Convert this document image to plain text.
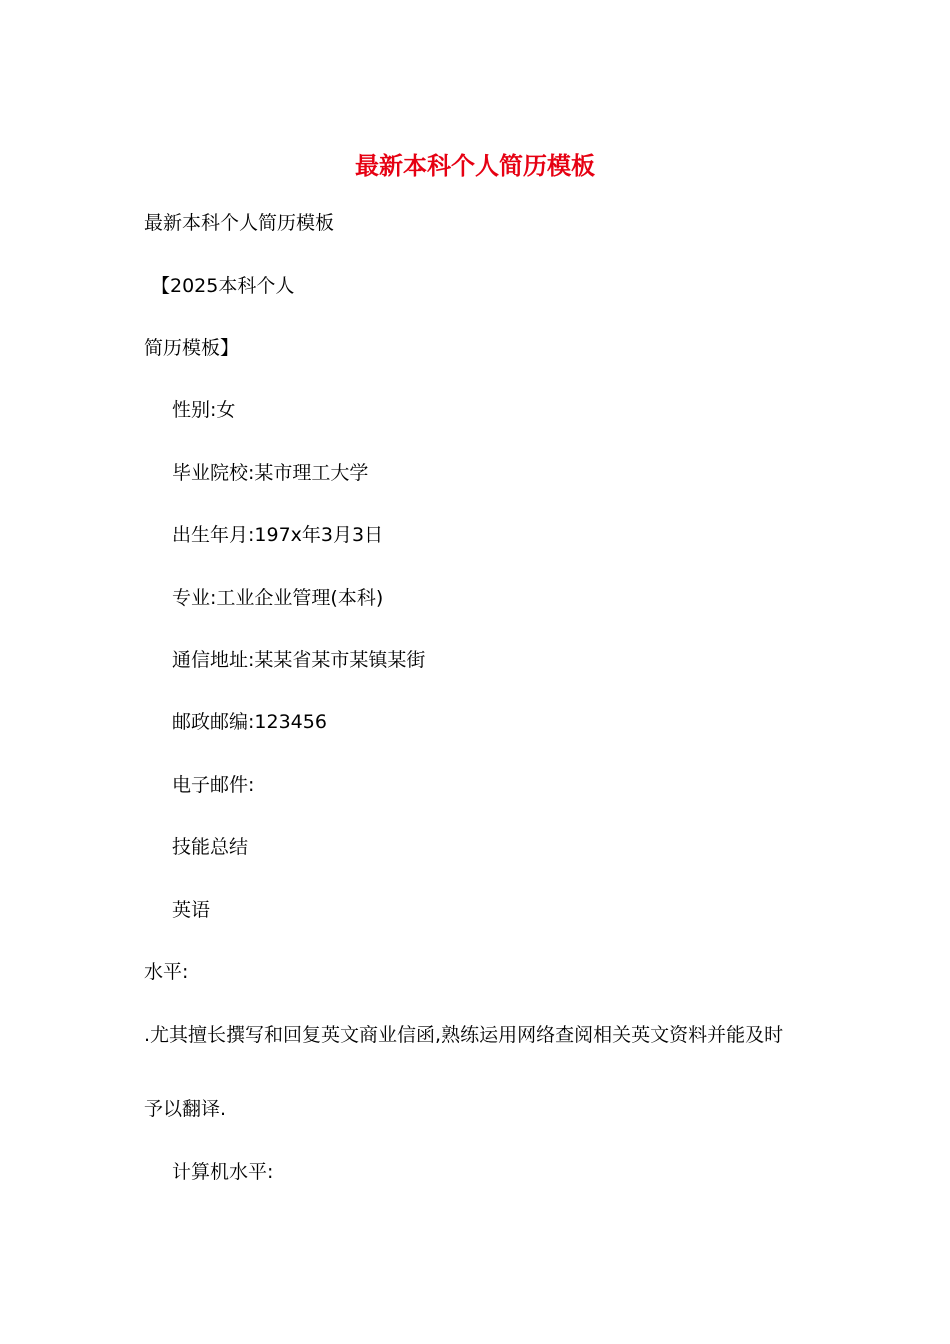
最新本科个人简历模板
最新本科个人简历模板
【2025本科个人
简历模板】
性别:女
毕业院校:某市理工大学
出生年月:197x年3月3日
专业:工业企业管理(本科)
通信地址:某某省某市某镇某街
邮政邮编:123456
电子邮件:
技能总结
英语
水平:
.尤其擅长撰写和回复英文商业信函,熟练运用网络查阅相关英文资料并能及时
予以翻译.
计算机水平:
